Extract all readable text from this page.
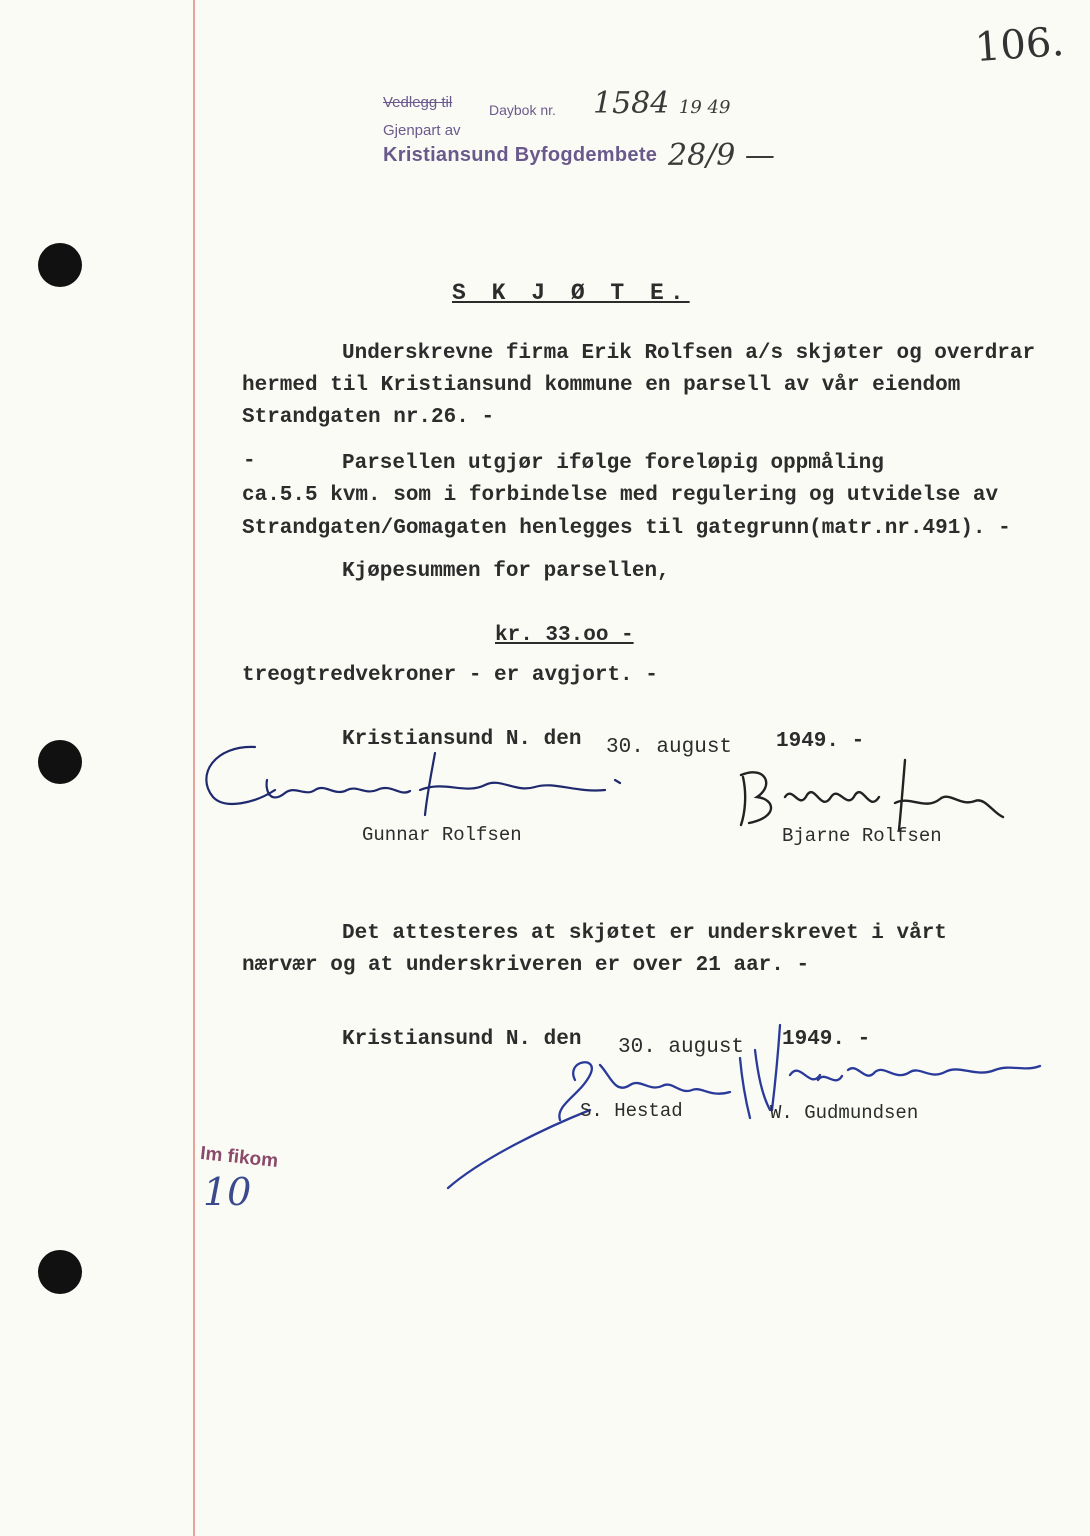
106.
Vedlegg til	Daybok nr. 1584 19 49
Gjenpart av
Kristiansund Byfogdembete 28/9 —
S K J Ø T E.
Underskrevne firma Erik Rolfsen a/s skjøter og overdrar
hermed til Kristiansund kommune en parsell av vår eiendom
Strandgaten nr.26. -
-	Parsellen utgjør ifølge foreløpig oppmåling
ca.5.5 kvm. som i forbindelse med regulering og utvidelse av
Strandgaten/Gomagaten henlegges til gategrunn(matr.nr.491). -
Kjøpesummen for parsellen,
kr. 33.oo -
treogtredvekroner - er avgjort. -
Kristiansund N. den 30. august 1949. -
Gunnar Rolfsen	Bjarne Rolfsen
Det attesteres at skjøtet er underskrevet i vårt
nærvær og at underskriveren er over 21 aar. -
Kristiansund N. den 30. august 1949. -
S. Hestad	W. Gudmundsen
Im fikom
10
